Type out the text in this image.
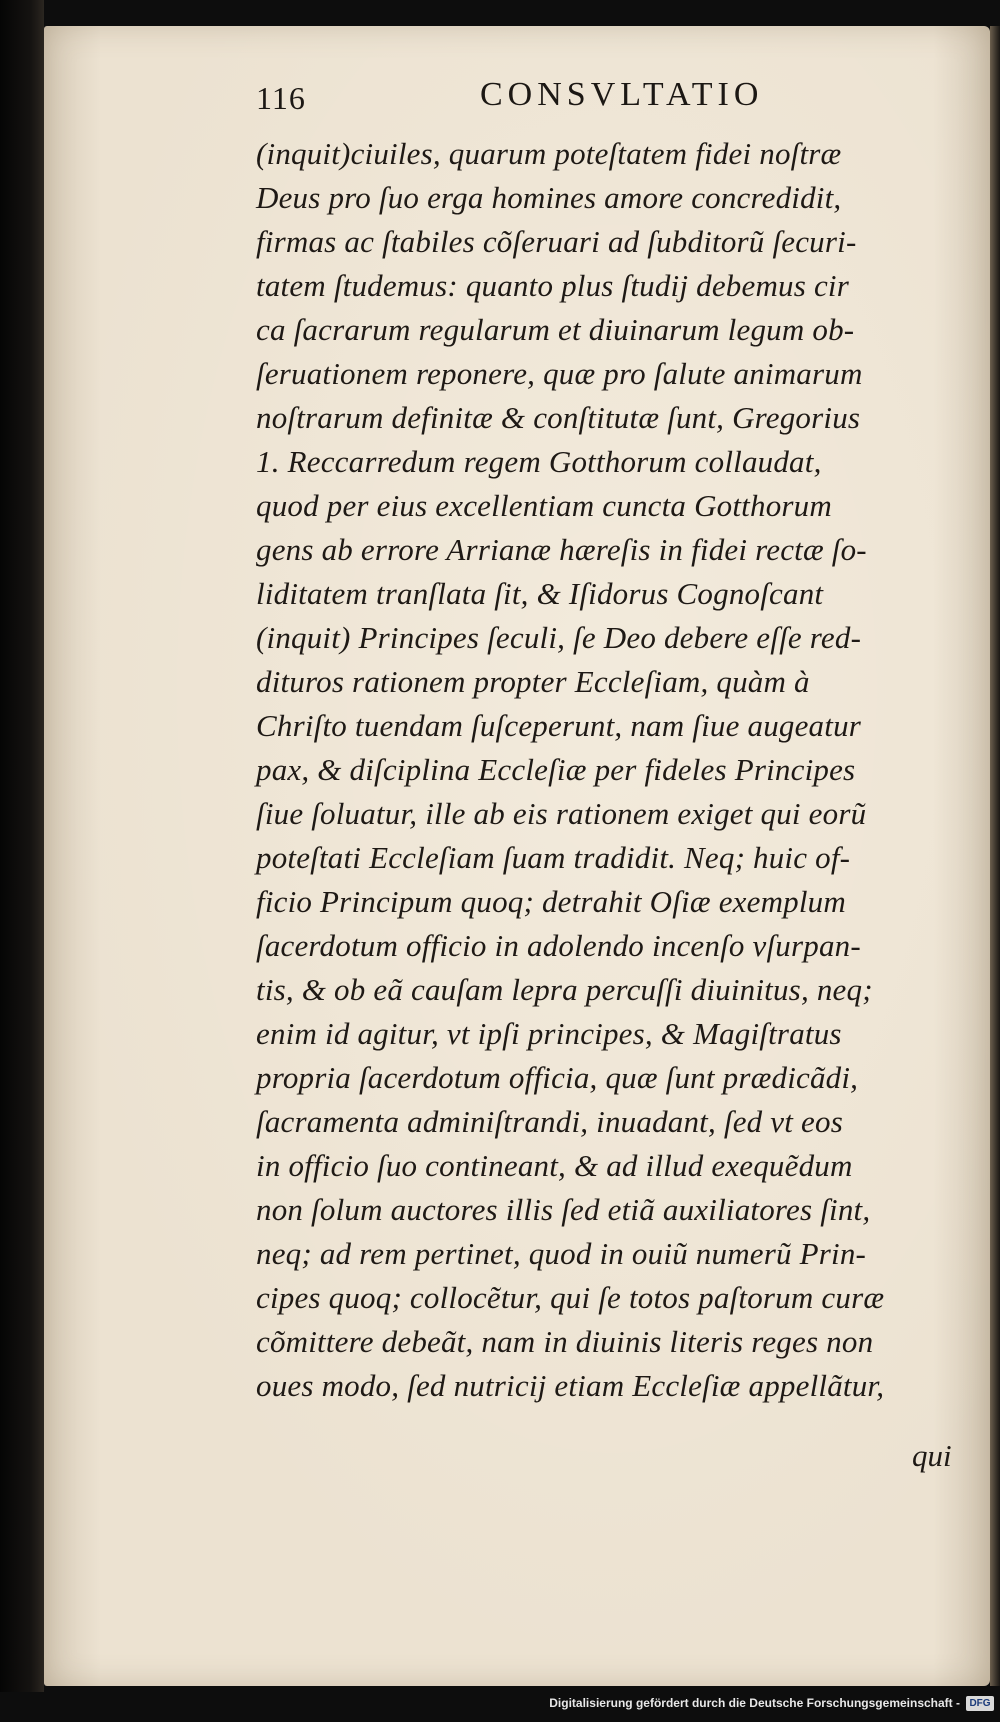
116	CONSVLTATIO
(inquit)ciuiles, quarum poteſtatem fidei noſtræ
Deus pro ſuo erga homines amore concredidit,
firmas ac ſtabiles cõſeruari ad ſubditorũ ſecuri-
tatem ſtudemus: quanto plus ſtudij debemus cir
ca ſacrarum regularum et diuinarum legum ob-
ſeruationem reponere, quæ pro ſalute animarum
noſtrarum definitæ & conſtitutæ ſunt, Gregorius
1. Reccarredum regem Gotthorum collaudat,
quod per eius excellentiam cuncta Gotthorum
gens ab errore Arrianæ hæreſis in fidei rectæ ſo-
liditatem tranſlata ſit, & Iſidorus Cognoſcant
(inquit) Principes ſeculi, ſe Deo debere eſſe red-
dituros rationem propter Eccleſiam, quàm à
Chriſto tuendam ſuſceperunt, nam ſiue augeatur
pax, & diſciplina Eccleſiæ per fideles Principes
ſiue ſoluatur, ille ab eis rationem exiget qui eorũ
poteſtati Eccleſiam ſuam tradidit. Neq; huic of-
ficio Principum quoq; detrahit Oſiæ exemplum
ſacerdotum officio in adolendo incenſo vſurpan-
tis, & ob eã cauſam lepra percuſſi diuinitus, neq;
enim id agitur, vt ipſi principes, & Magiſtratus
propria ſacerdotum officia, quæ ſunt prædicãdi,
ſacramenta adminiſtrandi, inuadant, ſed vt eos
in officio ſuo contineant, & ad illud exequẽdum
non ſolum auctores illis ſed etiã auxiliatores ſint,
neq; ad rem pertinet, quod in ouiũ numerũ Prin-
cipes quoq; collocẽtur, qui ſe totos paſtorum curæ
cõmittere debeãt, nam in diuinis literis reges non
oues modo, ſed nutricij etiam Eccleſiæ appellãtur,
qui
Digitalisierung gefördert durch die Deutsche Forschungsgemeinschaft - DFG
